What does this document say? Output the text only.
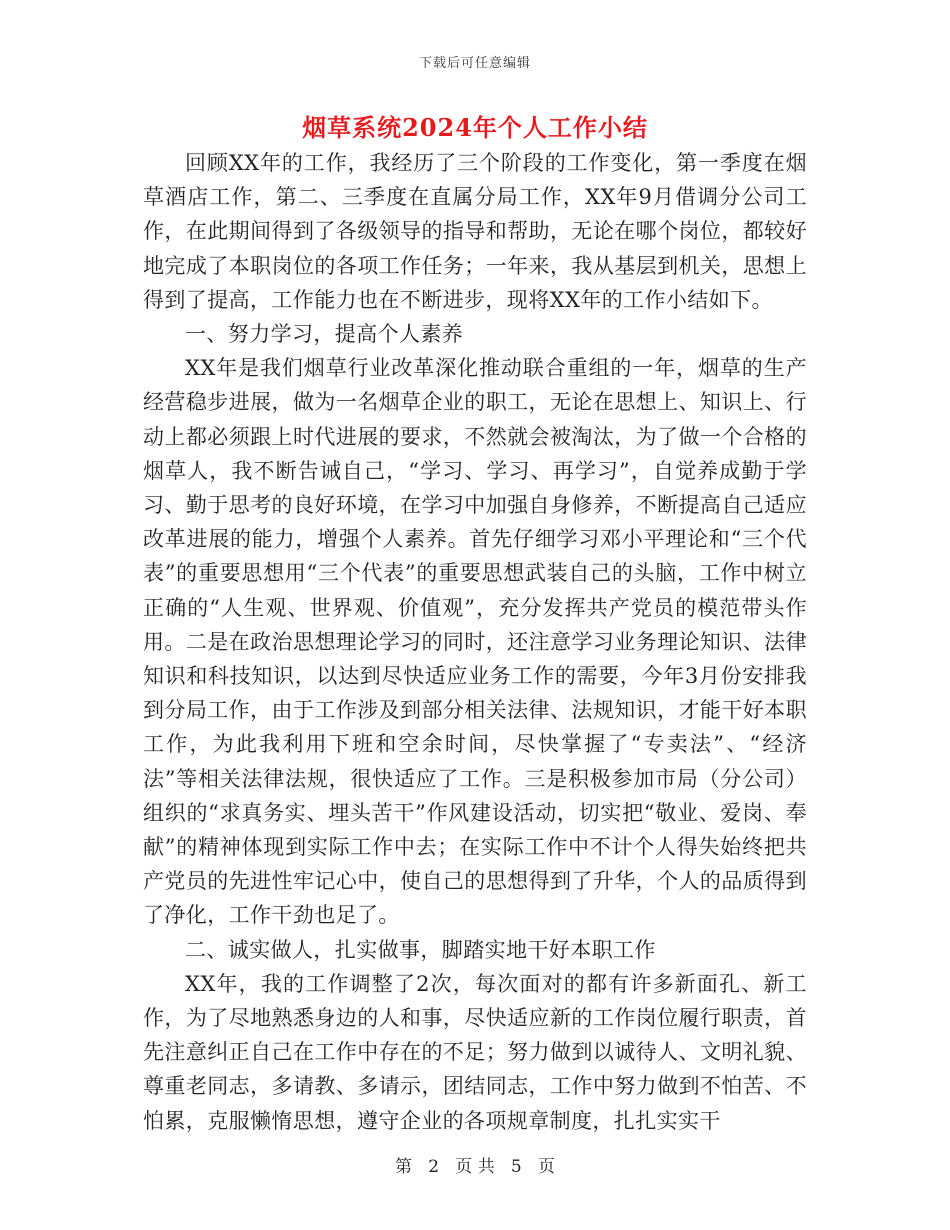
下载后可任意编辑
烟草系统2024年个人工作小结

回顾XX年的工作，我经历了三个阶段的工作变化，第一季度在烟草酒店工作，第二、三季度在直属分局工作，XX年9月借调分公司工作，在此期间得到了各级领导的指导和帮助，无论在哪个岗位，都较好地完成了本职岗位的各项工作任务；一年来，我从基层到机关，思想上得到了提高，工作能力也在不断进步，现将XX年的工作小结如下。

一、努力学习，提高个人素养

XX年是我们烟草行业改革深化推动联合重组的一年，烟草的生产经营稳步进展，做为一名烟草企业的职工，无论在思想上、知识上、行动上都必须跟上时代进展的要求，不然就会被淘汰，为了做一个合格的烟草人，我不断告诫自己，“学习、学习、再学习”，自觉养成勤于学习、勤于思考的良好环境，在学习中加强自身修养，不断提高自己适应改革进展的能力，增强个人素养。首先仔细学习邓小平理论和“三个代表”的重要思想用“三个代表”的重要思想武装自己的头脑，工作中树立正确的“人生观、世界观、价值观”，充分发挥共产党员的模范带头作用。二是在政治思想理论学习的同时，还注意学习业务理论知识、法律知识和科技知识，以达到尽快适应业务工作的需要，今年3月份安排我到分局工作，由于工作涉及到部分相关法律、法规知识，才能干好本职工作，为此我利用下班和空余时间，尽快掌握了“专卖法”、“经济法”等相关法律法规，很快适应了工作。三是积极参加市局（分公司）组织的“求真务实、埋头苦干”作风建设活动，切实把“敬业、爱岗、奉献”的精神体现到实际工作中去；在实际工作中不计个人得失始终把共产党员的先进性牢记心中，使自己的思想得到了升华，个人的品质得到了净化，工作干劲也足了。

二、诚实做人，扎实做事，脚踏实地干好本职工作

XX年，我的工作调整了2次，每次面对的都有许多新面孔、新工作，为了尽地熟悉身边的人和事，尽快适应新的工作岗位履行职责，首先注意纠正自己在工作中存在的不足；努力做到以诚待人、文明礼貌、尊重老同志，多请教、多请示，团结同志，工作中努力做到不怕苦、不怕累，克服懒惰思想，遵守企业的各项规章制度，扎扎实实干

第 2 页 共 5 页
